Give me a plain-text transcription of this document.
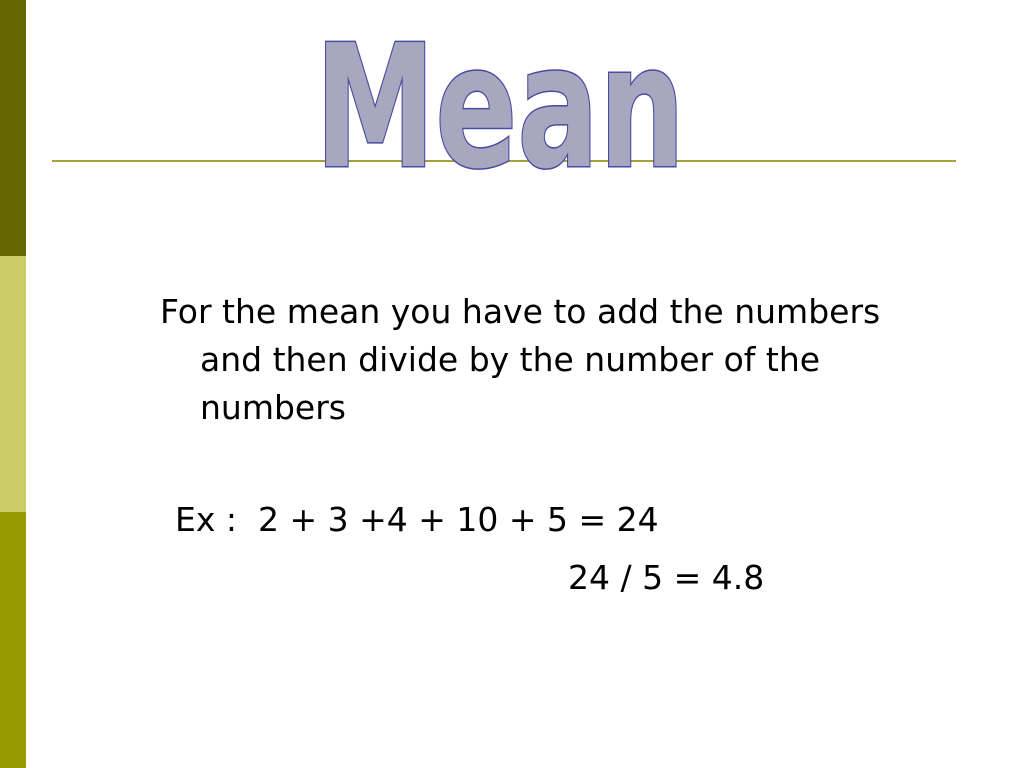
Mean

For the mean you have to add the numbers and then divide by the number of the numbers

Ex :  2 + 3 +4 + 10 + 5 = 24
24 / 5 = 4.8
